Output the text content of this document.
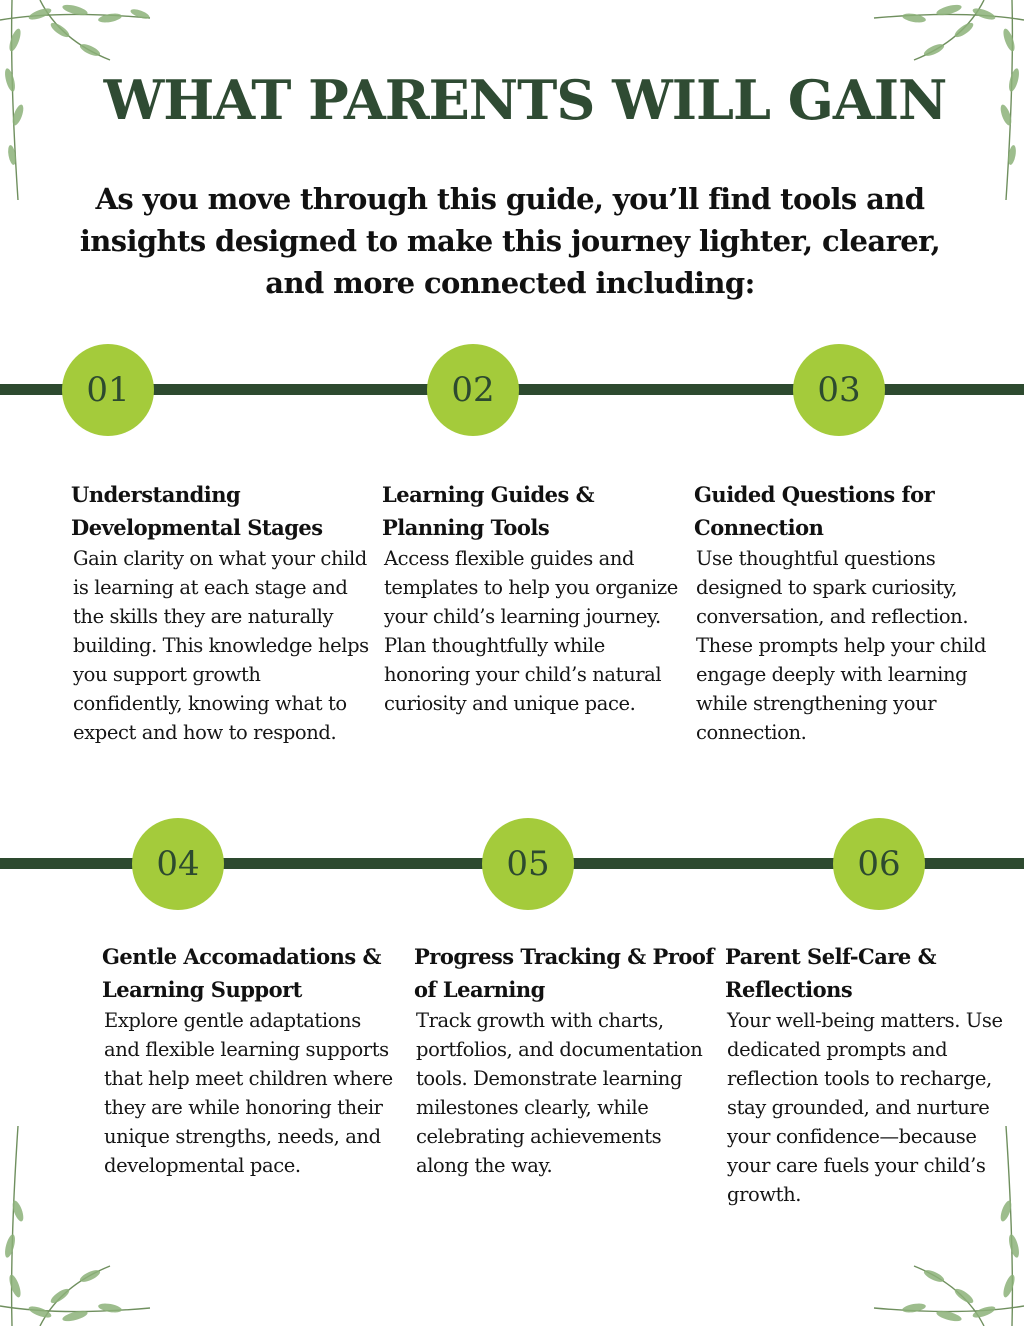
WHAT PARENTS WILL GAIN

As you move through this guide, you’ll find tools and insights designed to make this journey lighter, clearer, and more connected including:

01	02	03

Understanding Developmental Stages

Gain clarity on what your child is learning at each stage and the skills they are naturally building. This knowledge helps you support growth confidently, knowing what to expect and how to respond.

Learning Guides & Planning Tools

Access flexible guides and templates to help you organize your child’s learning journey. Plan thoughtfully while honoring your child’s natural curiosity and unique pace.

Guided Questions for Connection

Use thoughtful questions designed to spark curiosity, conversation, and reflection. These prompts help your child engage deeply with learning while strengthening your connection.

04	05	06

Gentle Accomadations & Learning Support

Explore gentle adaptations and flexible learning supports that help meet children where they are while honoring their unique strengths, needs, and developmental pace.

Progress Tracking & Proof of Learning

Track growth with charts, portfolios, and documentation tools. Demonstrate learning milestones clearly, while celebrating achievements along the way.

Parent Self-Care & Reflections

Your well-being matters. Use dedicated prompts and reflection tools to recharge, stay grounded, and nurture your confidence—because your care fuels your child’s growth.
